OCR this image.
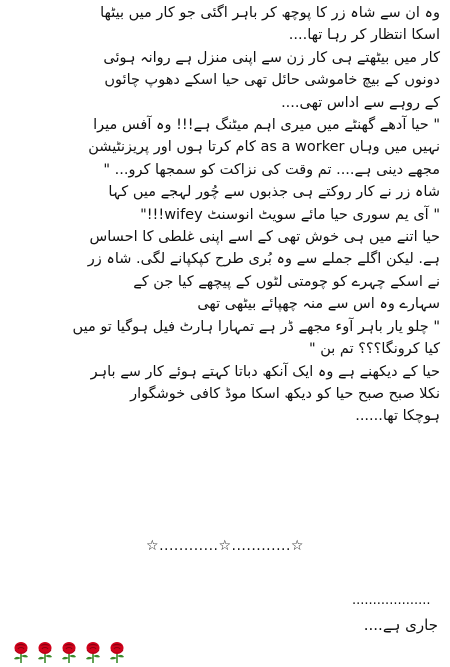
وہ ان سے شاہ زر کا پوچھ کر باہر اگئی جو کار میں بیٹھا
اسکا انتظار کر رہا تھا....
کار میں بیٹھتے ہی کار زن سے اپنی منزل ہے روانہ ہوئی
دونوں کے بیچ خاموشی حائل تھی حیا اسکے دھوپ چائوں
کے روہے سے اداس تھی....
" حیا آدھے گھنٹے میں میری اہم میٹنگ ہے!!! وہ آفس میرا
نہیں میں وہاں as a worker کام کرتا ہوں اور پریزنٹیشن
مجھے دینی ہے.... تم وقت کی نزاکت کو سمجھا کرو... "
شاہ زر نے کار روکتے ہی جذبوں سے چُور لہجے میں کہا
" آی یم سوری حیا مائے سویٹ انوسنٹ wifey!!!"
حیا اتنے میں ہی خوش تھی کے اسے اپنی غلطی کا احساس
ہے. لیکن اگلے جملے سے وہ بُری طرح کپکپانے لگی. شاہ زر
نے اسکے چہرے کو چومتی لٹوں کے پیچھے کیا جن کے
سہارے وہ اس سے منہ چھپائے بیٹھی تھی
" چلو یار باہر آوء مجھے ڈر ہے تمہارا ہارٹ فیل ہوگیا تو میں
کیا کرونگا؟؟؟ تم بن "
حیا کے دیکھنے ہے وہ ایک آنکھ دباتا کہتے ہوئے کار سے باہر
نکلا صبح صبح حیا کو دیکھ اسکا موڈ کافی خوشگوار
ہوچکا تھا......
☆............☆............☆
...................
جاری ہے....
